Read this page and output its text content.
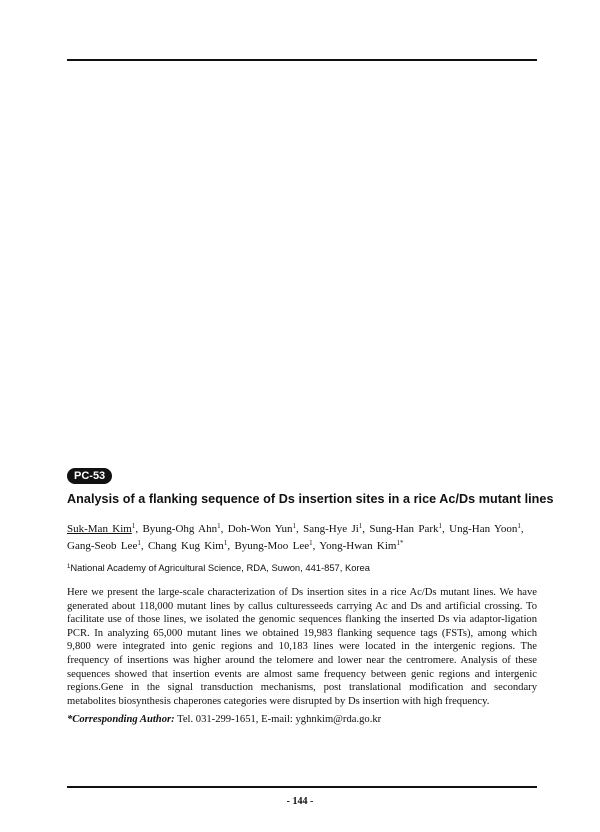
PC-53
Analysis of a flanking sequence of Ds insertion sites in a rice Ac/Ds mutant lines
Suk-Man Kim$^1$, Byung-Ohg Ahn$^1$, Doh-Won Yun$^1$, Sang-Hye Ji$^1$, Sung-Han Park$^1$, Ung-Han Yoon$^1$,
Gang-Seob Lee$^1$, Chang Kug Kim$^1$, Byung-Moo Lee$^1$, Yong-Hwan Kim$^{1*}$
$^1$National Academy of Agricultural Science, RDA, Suwon, 441-857, Korea
Here we present the large-scale characterization of Ds insertion sites in a rice Ac/Ds mutant lines. We have generated about 118,000 mutant lines by callus culturesseeds carrying Ac and Ds and artificial crossing. To facilitate use of those lines, we isolated the genomic sequences flanking the inserted Ds via adaptor-ligation PCR. In analyzing 65,000 mutant lines we obtained 19,983 flanking sequence tags (FSTs), among which 9,800 were integrated into genic regions and 10,183 lines were located in the intergenic regions. The frequency of insertions was higher around the telomere and lower near the centromere. Analysis of these sequences showed that insertion events are almost same frequency between genic regions and intergenic regions.Gene in the signal transduction mechanisms, post translational modification and secondary metabolites biosynthesis chaperones categories were disrupted by Ds insertion with high frequency.
*Corresponding Author: Tel. 031-299-1651, E-mail: yghnkim@rda.go.kr
- 144 -
